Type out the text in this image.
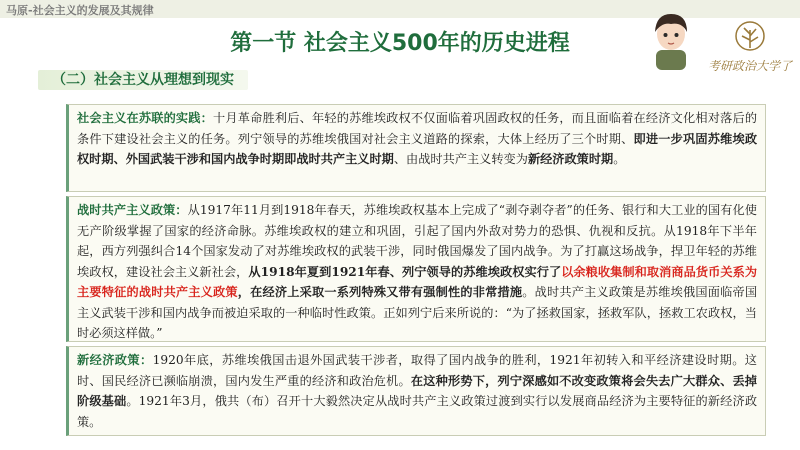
马原-社会主义的发展及其规律
第一节 社会主义500年的历史进程
考研政治大学了
（二）社会主义从理想到现实
社会主义在苏联的实践：十月革命胜利后、年轻的苏维埃政权不仅面临着巩固政权的任务，而且面临着在经济文化相对落后的条件下建设社会主义的任务。列宁领导的苏维埃俄国对社会主义道路的探索，大体上经历了三个时期、即进一步巩固苏维埃政权时期、外国武装干涉和国内战争时期即战时共产主义时期、由战时共产主义转变为新经济政策时期。
战时共产主义政策：从1917年11月到1918年春天，苏维埃政权基本上完成了“剥夺剥夺者”的任务、银行和大工业的国有化使无产阶级掌握了国家的经济命脉。苏维埃政权的建立和巩固，引起了国内外敌对势力的恐惧、仇视和反抗。从1918年下半年起，西方列强纠合14个国家发动了对苏维埃政权的武装干涉，同时俄国爆发了国内战争。为了打赢这场战争，捍卫年轻的苏维埃政权，建设社会主义新社会，从1918年夏到1921年春、列宁领导的苏维埃政权实行了以余粮收集制和取消商品货币关系为主要特征的战时共产主义政策，在经济上采取一系列特殊又带有强制性的非常措施。战时共产主义政策是苏维埃俄国面临帝国主义武装干涉和国内战争而被迫采取的一种临时性政策。正如列宁后来所说的：“为了拯救国家，拯救军队，拯救工农政权，当时必须这样做。”
新经济政策：1920年底，苏维埃俄国击退外国武装干涉者，取得了国内战争的胜利，1921年初转入和平经济建设时期。这时、国民经济已濒临崩溃，国内发生严重的经济和政治危机。在这种形势下，列宁深感如不改变政策将会失去广大群众、丢掉阶级基础。1921年3月，俄共（布）召开十大毅然决定从战时共产主义政策过渡到实行以发展商品经济为主要特征的新经济政策。
